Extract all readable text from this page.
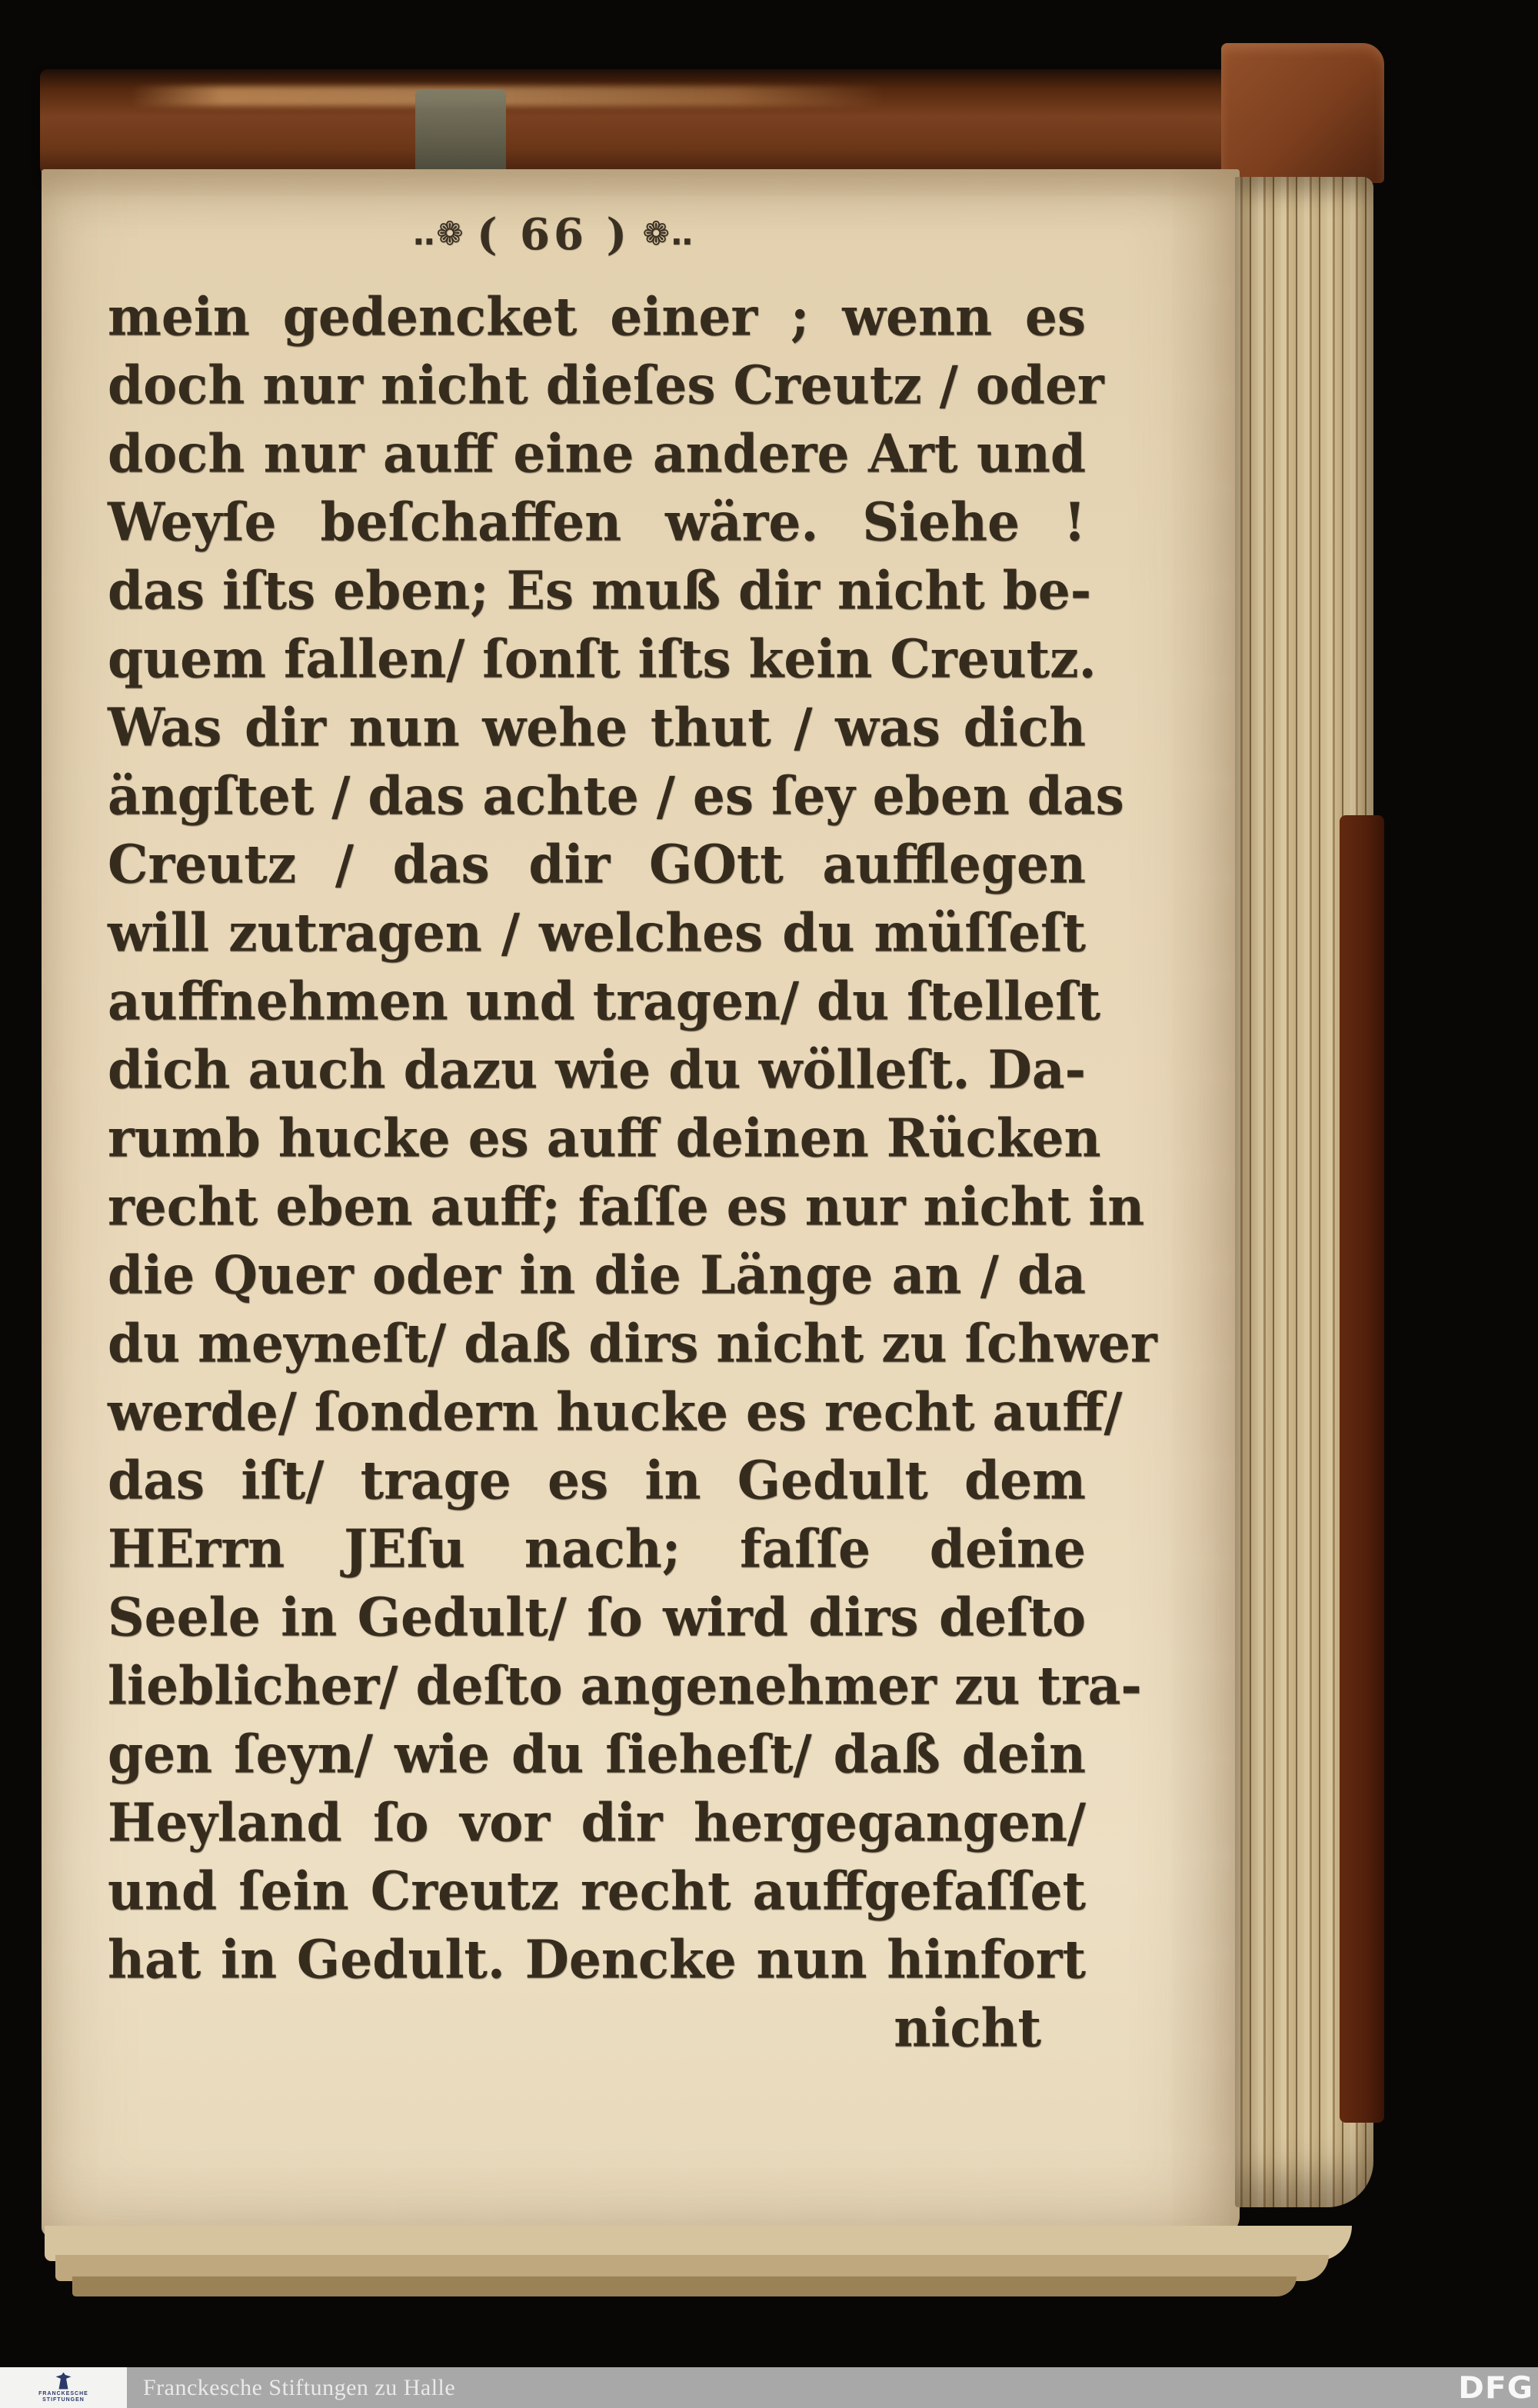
‥❁ ( 66 ) ❁‥
mein gedencket einer ; wenn es
doch nur nicht dieſes Creutz / oder
doch nur auff eine andere Art und
Weyſe beſchaffen wäre. Siehe !
das iſts eben; Es muß dir nicht be-
quem fallen/ ſonſt iſts kein Creutz.
Was dir nun wehe thut / was dich
ängſtet / das achte / es ſey eben das
Creutz / das dir GOtt aufflegen
will zutragen / welches du müſſeſt
auffnehmen und tragen/ du ſtelleſt
dich auch dazu wie du wölleſt. Da-
rumb hucke es auff deinen Rücken
recht eben auff; faſſe es nur nicht in
die Quer oder in die Länge an / da
du meyneſt/ daß dirs nicht zu ſchwer
werde/ ſondern hucke es recht auff/
das iſt/ trage es in Gedult dem
HErrn JEſu nach; faſſe deine
Seele in Gedult/ ſo wird dirs deſto
lieblicher/ deſto angenehmer zu tra-
gen ſeyn/ wie du ſieheſt/ daß dein
Heyland ſo vor dir hergegangen/
und ſein Creutz recht auffgefaſſet
hat in Gedult. Dencke nun hinfort
nicht
FRANCKESCHE
STIFTUNGEN	Franckesche Stiftungen zu Halle	DFG
